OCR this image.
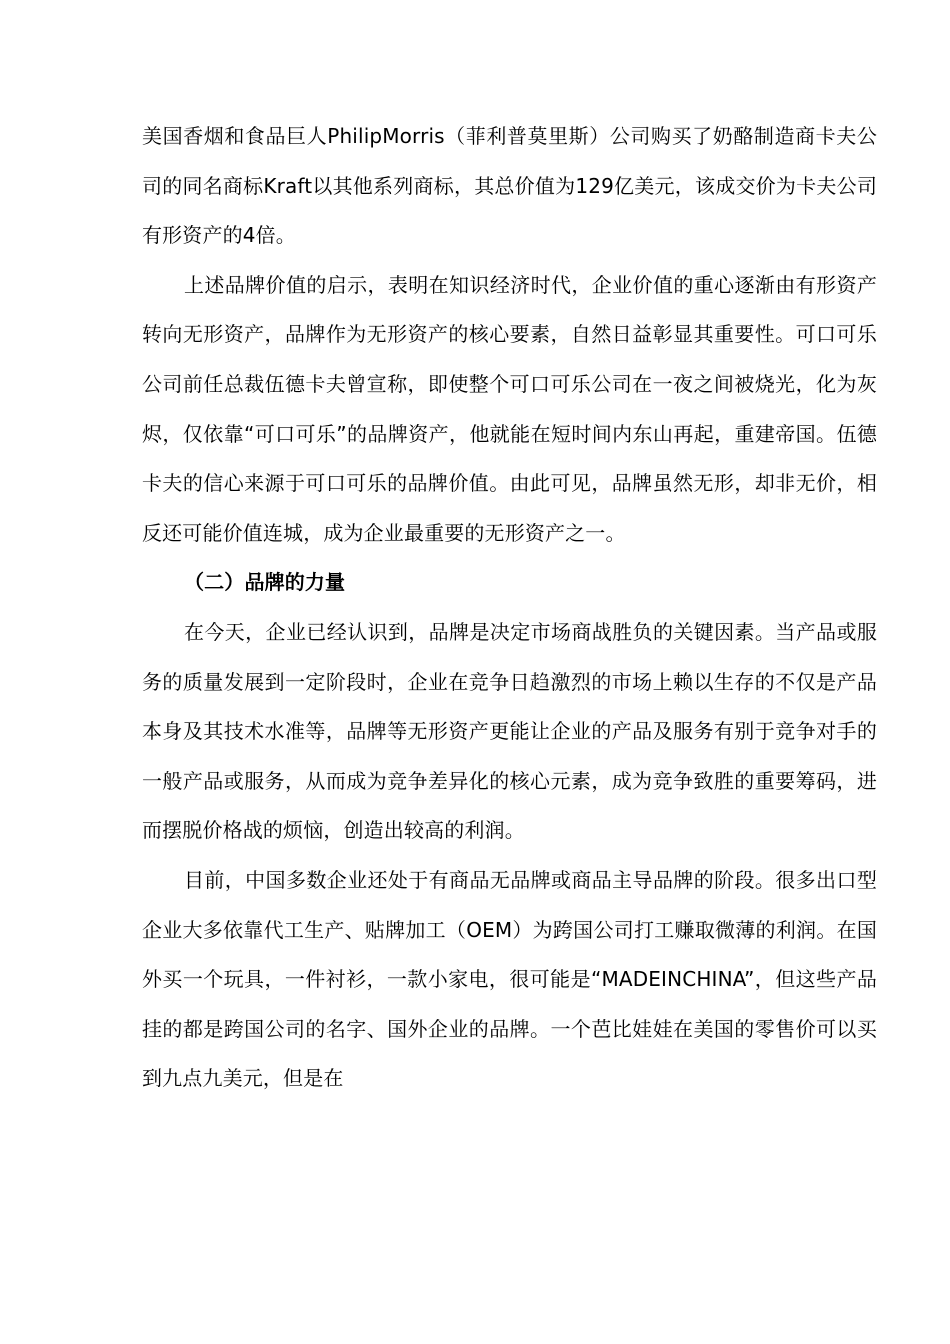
美国香烟和食品巨人PhilipMorris（菲利普莫里斯）公司购买了奶酪制造商卡夫公司的同名商标Kraft以其他系列商标，其总价值为129亿美元，该成交价为卡夫公司有形资产的4倍。

上述品牌价值的启示，表明在知识经济时代，企业价值的重心逐渐由有形资产转向无形资产，品牌作为无形资产的核心要素，自然日益彰显其重要性。可口可乐公司前任总裁伍德卡夫曾宣称，即使整个可口可乐公司在一夜之间被烧光，化为灰烬，仅依靠“可口可乐”的品牌资产，他就能在短时间内东山再起，重建帝国。伍德卡夫的信心来源于可口可乐的品牌价值。由此可见，品牌虽然无形，却非无价，相反还可能价值连城，成为企业最重要的无形资产之一。

（二）品牌的力量

在今天，企业已经认识到，品牌是决定市场商战胜负的关键因素。当产品或服务的质量发展到一定阶段时，企业在竞争日趋激烈的市场上赖以生存的不仅是产品本身及其技术水准等，品牌等无形资产更能让企业的产品及服务有别于竞争对手的一般产品或服务，从而成为竞争差异化的核心元素，成为竞争致胜的重要筹码，进而摆脱价格战的烦恼，创造出较高的利润。

目前，中国多数企业还处于有商品无品牌或商品主导品牌的阶段。很多出口型企业大多依靠代工生产、贴牌加工（OEM）为跨国公司打工赚取微薄的利润。在国外买一个玩具，一件衬衫，一款小家电，很可能是“MADEINCHINA”，但这些产品挂的都是跨国公司的名字、国外企业的品牌。一个芭比娃娃在美国的零售价可以买到九点九美元，但是在
